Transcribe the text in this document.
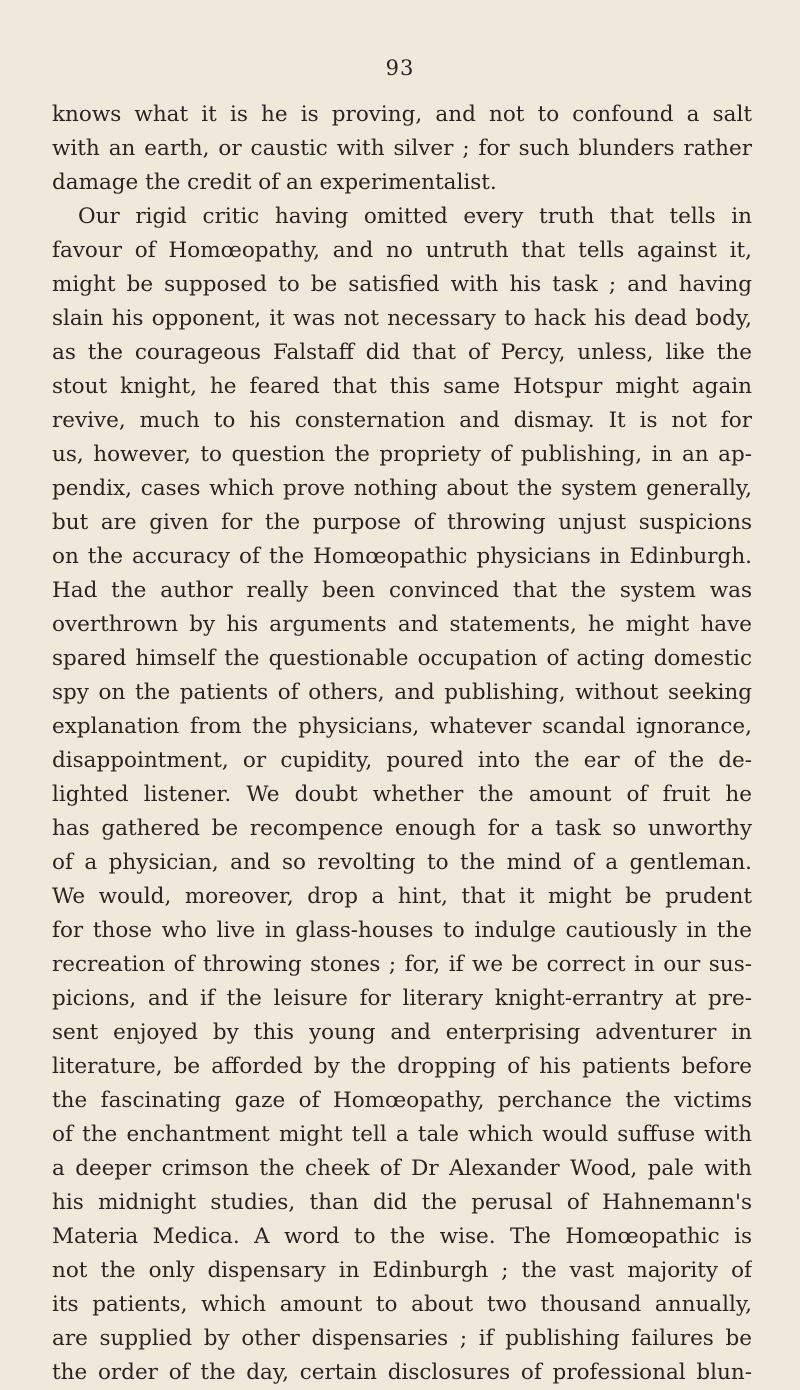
93
knows what it is he is proving, and not to confound a salt
with an earth, or caustic with silver ; for such blunders rather
damage the credit of an experimentalist.
Our rigid critic having omitted every truth that tells in
favour of Homœopathy, and no untruth that tells against it,
might be supposed to be satisfied with his task ; and having
slain his opponent, it was not necessary to hack his dead body,
as the courageous Falstaff did that of Percy, unless, like the
stout knight, he feared that this same Hotspur might again
revive, much to his consternation and dismay. It is not for
us, however, to question the propriety of publishing, in an ap-
pendix, cases which prove nothing about the system generally,
but are given for the purpose of throwing unjust suspicions
on the accuracy of the Homœopathic physicians in Edinburgh.
Had the author really been convinced that the system was
overthrown by his arguments and statements, he might have
spared himself the questionable occupation of acting domestic
spy on the patients of others, and publishing, without seeking
explanation from the physicians, whatever scandal ignorance,
disappointment, or cupidity, poured into the ear of the de-
lighted listener. We doubt whether the amount of fruit he
has gathered be recompence enough for a task so unworthy
of a physician, and so revolting to the mind of a gentleman.
We would, moreover, drop a hint, that it might be prudent
for those who live in glass-houses to indulge cautiously in the
recreation of throwing stones ; for, if we be correct in our sus-
picions, and if the leisure for literary knight-errantry at pre-
sent enjoyed by this young and enterprising adventurer in
literature, be afforded by the dropping of his patients before
the fascinating gaze of Homœopathy, perchance the victims
of the enchantment might tell a tale which would suffuse with
a deeper crimson the cheek of Dr Alexander Wood, pale with
his midnight studies, than did the perusal of Hahnemann's
Materia Medica. A word to the wise. The Homœopathic is
not the only dispensary in Edinburgh ; the vast majority of
its patients, which amount to about two thousand annually,
are supplied by other dispensaries ; if publishing failures be
the order of the day, certain disclosures of professional blun-
